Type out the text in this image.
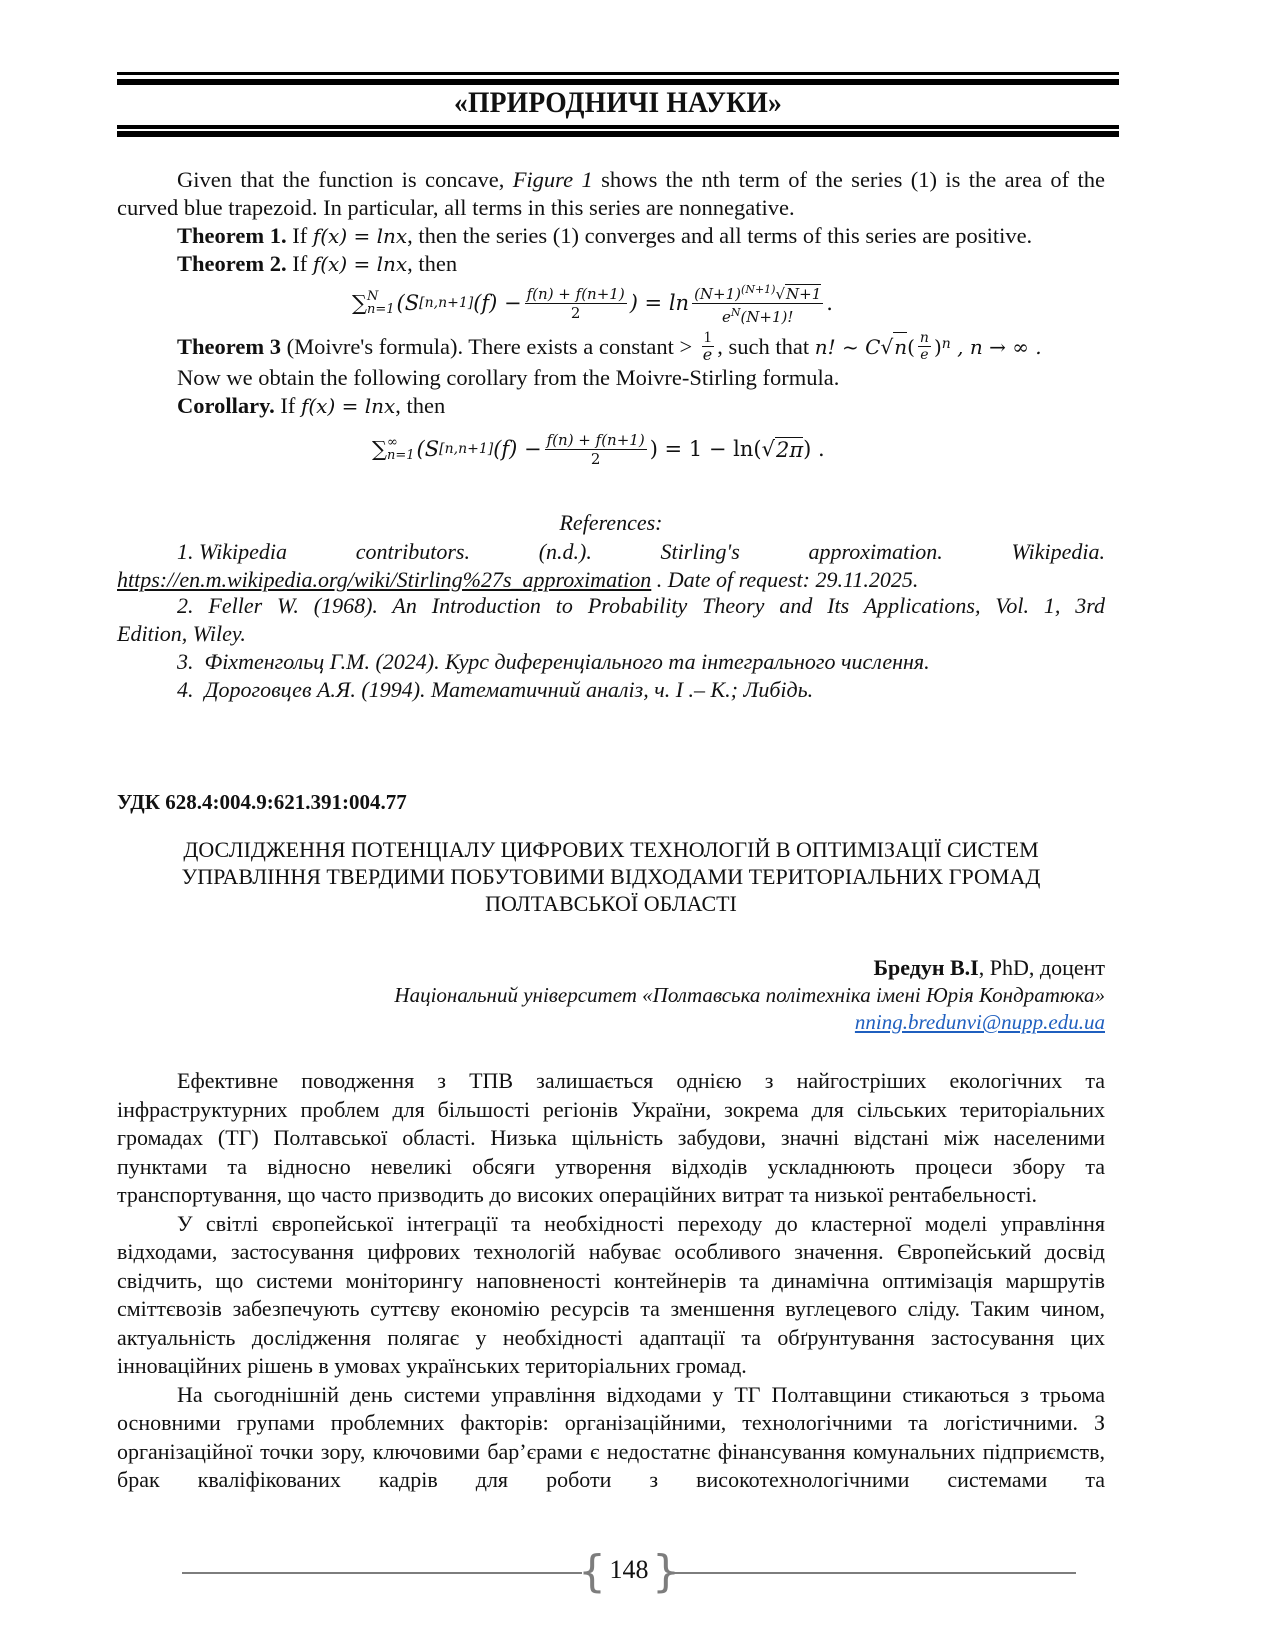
«ПРИРОДНИЧІ НАУКИ»

Given that the function is concave, Figure 1 shows the nth term of the series (1) is the area of the curved blue trapezoid. In particular, all terms in this series are nonnegative.

Theorem 1. If f(x) = lnx, then the series (1) converges and all terms of this series are positive.

Theorem 2. If f(x) = lnx, then

∑ N
n=1 (S [n,n+1] $(f) - \frac{f(n) + f(n+1)}{2}$ ) = $\ln \frac{(N+1)^{(N+1)}√N+1}{e^N(N+1)!}$ .

Theorem 3 (Moivre's formula). There exists a constant > $\frac{1}{e}$ , such that n! ~ C √ n ( $\frac{n}{e}$ ) n , n → ∞ .

Now we obtain the following corollary from the Moivre-Stirling formula.

Corollary. If f(x) = lnx, then

∑ ∞
n=1 (S [n,n+1] $(f) - \frac{f(n) + f(n+1)}{2}$ ) = 1 − ln( √ 2π ) .
References:
1. Wikipedia	contributors.	(n.d.).	Stirling's	approximation.	Wikipedia.
https://en.m.wikipedia.org/wiki/Stirling%27s_approximation . Date of request: 29.11.2025.
2. Feller W. (1968). An Introduction to Probability Theory and Its Applications, Vol. 1, 3rd
Edition, Wiley.
3.  Фіхтенгольц Г.М. (2024). Курс диференціального та інтегрального числення.
4.  Дороговцев А.Я. (1994). Математичний аналіз, ч. I .– К.; Либідь.
УДК 628.4:004.9:621.391:004.77
ДОСЛІДЖЕННЯ ПОТЕНЦІАЛУ ЦИФРОВИХ ТЕХНОЛОГІЙ В ОПТИМІЗАЦІЇ СИСТЕМ
УПРАВЛІННЯ ТВЕРДИМИ ПОБУТОВИМИ ВІДХОДАМИ ТЕРИТОРІАЛЬНИХ ГРОМАД
ПОЛТАВСЬКОЇ ОБЛАСТІ
Бредун В.І, PhD, доцент
Національний університет «Полтавська політехніка імені Юрія Кондратюка»
nning.bredunvi@nupp.edu.ua

Ефективне поводження з ТПВ залишається однією з найгостріших екологічних та інфраструктурних проблем для більшості регіонів України, зокрема для сільських територіальних громадах (ТГ) Полтавської області. Низька щільність забудови, значні відстані між населеними пунктами та відносно невеликі обсяги утворення відходів ускладнюють процеси збору та транспортування, що часто призводить до високих операційних витрат та низької рентабельності.

У світлі європейської інтеграції та необхідності переходу до кластерної моделі управління відходами, застосування цифрових технологій набуває особливого значення. Європейський досвід свідчить, що системи моніторингу наповненості контейнерів та динамічна оптимізація маршрутів сміттєвозів забезпечують суттєву економію ресурсів та зменшення вуглецевого сліду. Таким чином, актуальність дослідження полягає у необхідності адаптації та обґрунтування застосування цих інноваційних рішень в умовах українських територіальних громад.

На сьогоднішній день системи управління відходами у ТГ Полтавщини стикаються з трьома основними групами проблемних факторів: організаційними, технологічними та логістичними. З організаційної точки зору, ключовими бар’єрами є недостатнє фінансування комунальних підприємств, брак кваліфікованих кадрів для роботи з високотехнологічними системами та

{ }
148
